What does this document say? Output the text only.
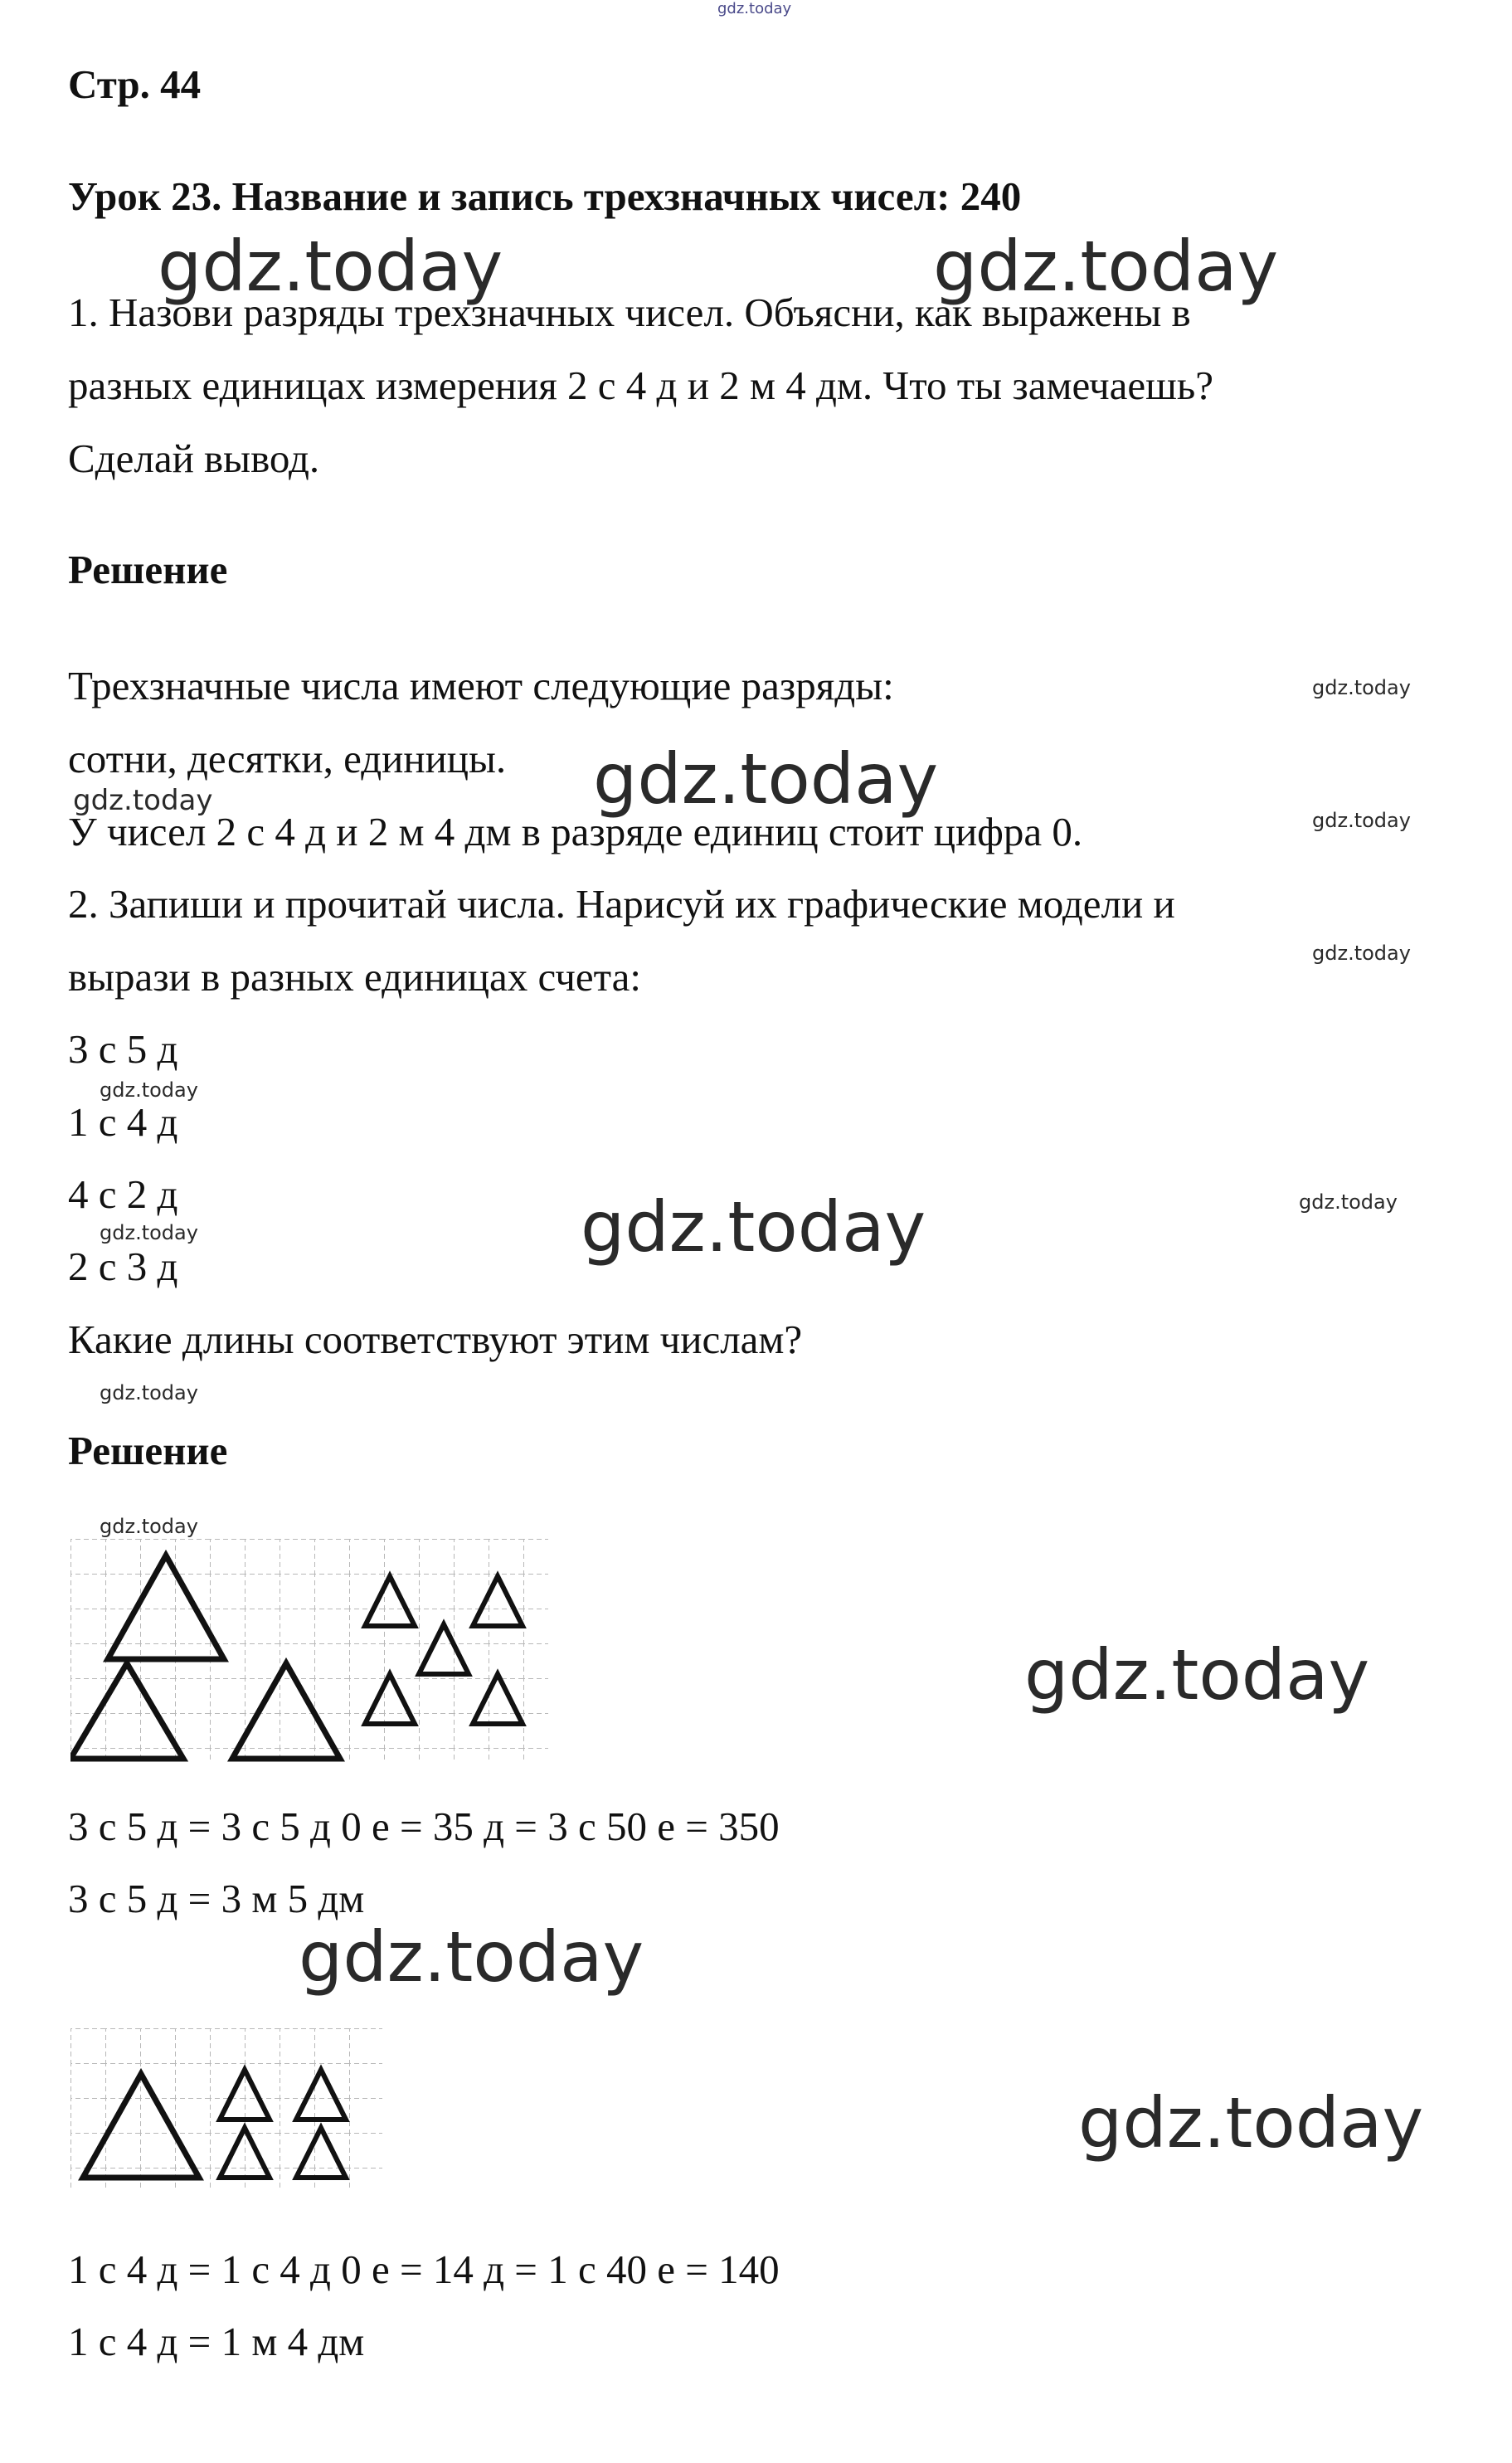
gdz.today
Стр. 44
Урок 23. Название и запись трехзначных чисел: 240
1. Назови разряды трехзначных чисел. Объясни, как выражены в
разных единицах измерения 2 с 4 д и 2 м 4 дм. Что ты замечаешь?
Сделай вывод.
Решение
Трехзначные числа имеют следующие разряды:
сотни, десятки, единицы.
У чисел 2 с 4 д и 2 м 4 дм в разряде единиц стоит цифра 0.
2. Запиши и прочитай числа. Нарисуй их графические модели и
вырази в разных единицах счета:
3 с 5 д
1 с 4 д
4 с 2 д
2 с 3 д
Какие длины соответствуют этим числам?
Решение
3 с 5 д = 3 с 5 д 0 е = 35 д = 3 с 50 е = 350
3 с 5 д = 3 м 5 дм
1 с 4 д = 1 с 4 д 0 е = 14 д = 1 с 40 е = 140
1 с 4 д = 1 м 4 дм
gdz.today	gdz.today
gdz.today
gdz.today
gdz.today
gdz.today
gdz.today
gdz.today
gdz.today
gdz.today
gdz.today
gdz.today
gdz.today
gdz.today
gdz.today
gdz.today
